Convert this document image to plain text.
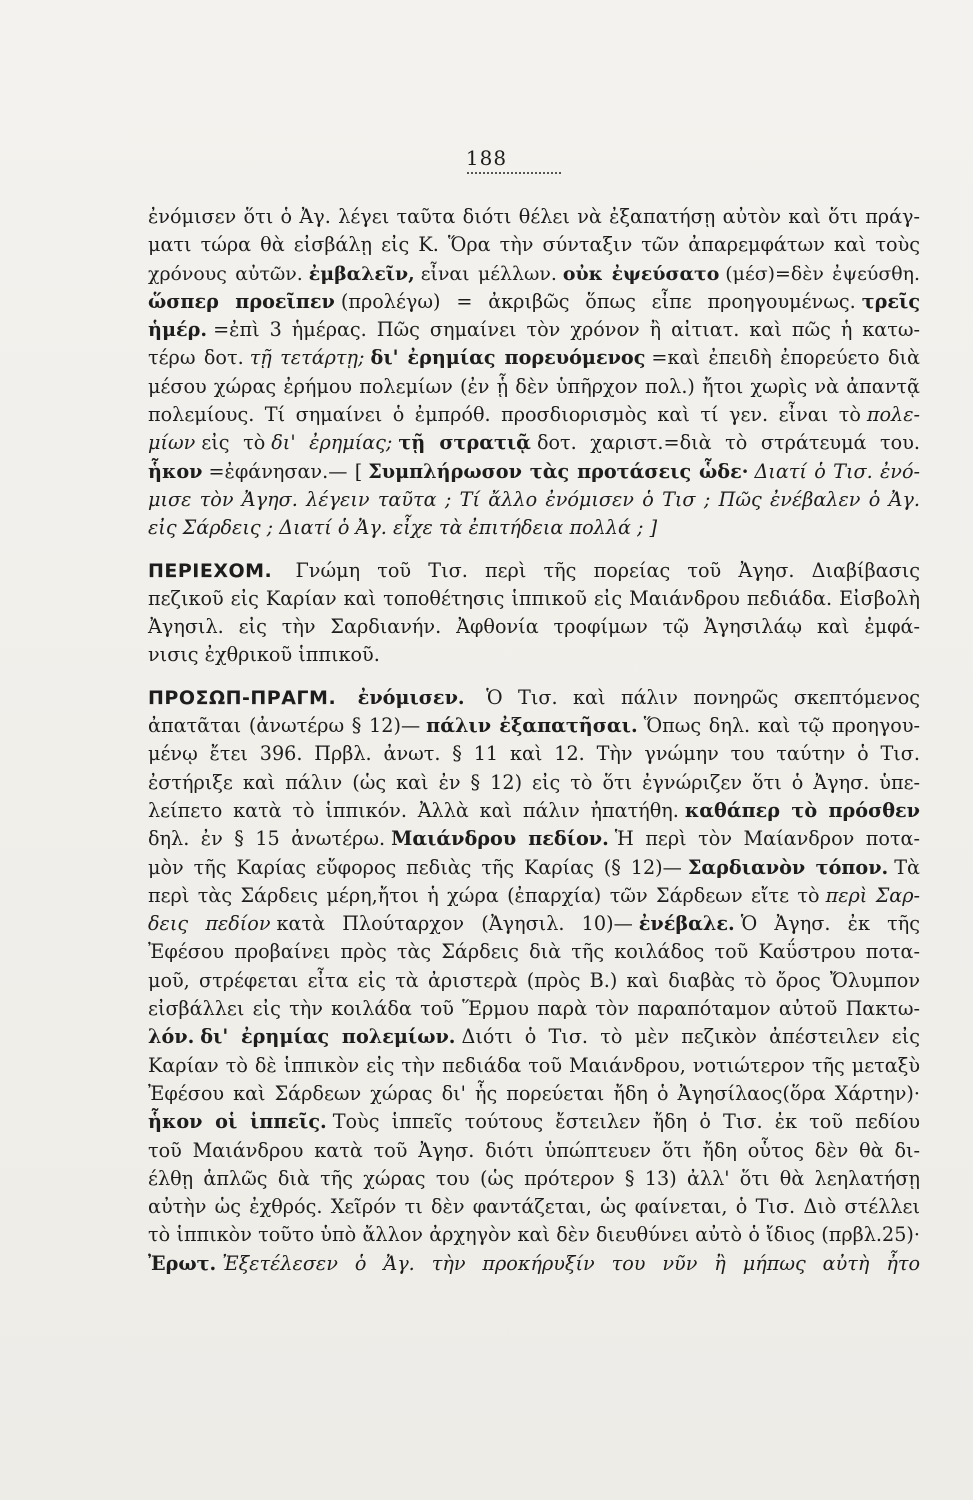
188
ἐνόμισεν ὅτι ὁ Ἀγ. λέγει ταῦτα διότι θέλει νὰ ἐξαπατήσῃ αὐτὸν καὶ ὅτι πράγ-
ματι τώρα θὰ εἰσβάλῃ εἰς Κ. Ὅρα τὴν σύνταξιν τῶν ἀπαρεμφάτων καὶ τοὺς
χρόνους αὐτῶν. ἐμβαλεῖν, εἶναι μέλλων. οὐκ ἐψεύσατο (μέσ)=δὲν ἐψεύσθη.
ὥσπερ προεῖπεν (προλέγω) = ἀκριβῶς ὅπως εἶπε προηγουμένως. τρεῖς
ἡμέρ. =ἐπὶ 3 ἡμέρας. Πῶς σημαίνει τὸν χρόνον ἢ αἰτιατ. καὶ πῶς ἡ κατω-
τέρω δοτ. τῇ τετάρτῃ; δι' ἐρημίας πορευόμενος =καὶ ἐπειδὴ ἐπορεύετο διὰ
μέσου χώρας ἐρήμου πολεμίων (ἐν ᾗ δὲν ὑπῆρχον πολ.) ἤτοι χωρὶς νὰ ἀπαντᾷ
πολεμίους. Τί σημαίνει ὁ ἐμπρόθ. προσδιορισμὸς καὶ τί γεν. εἶναι τὸ πολε-
μίων εἰς τὸ δι' ἐρημίας; τῇ στρατιᾷ δοτ. χαριστ.=διὰ τὸ στράτευμά του.
ἧκον =ἐφάνησαν.— [ Συμπλήρωσον τὰς προτάσεις ὧδε· Διατί ὁ Τισ. ἐνό-
μισε τὸν Ἀγησ. λέγειν ταῦτα ; Τί ἄλλο ἐνόμισεν ὁ Τισ ; Πῶς ἐνέβαλεν ὁ Ἀγ.
εἰς Σάρδεις ; Διατί ὁ Ἀγ. εἶχε τὰ ἐπιτήδεια πολλά ; ]
ΠΕΡΙΕΧΟΜ. Γνώμη τοῦ Τισ. περὶ τῆς πορείας τοῦ Ἀγησ. Διαβίβασις
πεζικοῦ εἰς Καρίαν καὶ τοποθέτησις ἱππικοῦ εἰς Μαιάνδρου πεδιάδα. Εἰσβολὴ
Ἀγησιλ. εἰς τὴν Σαρδιανήν. Ἀφθονία τροφίμων τῷ Ἀγησιλάῳ καὶ ἐμφά-
νισις ἐχθρικοῦ ἱππικοῦ.
ΠΡΟΣΩΠ-ΠΡΑΓΜ. ἐνόμισεν. Ὁ Τισ. καὶ πάλιν πονηρῶς σκεπτόμενος
ἀπατᾶται (ἀνωτέρω § 12)— πάλιν ἐξαπατῆσαι. Ὅπως δηλ. καὶ τῷ προηγου-
μένῳ ἔτει 396. Πρβλ. ἀνωτ. § 11 καὶ 12. Τὴν γνώμην του ταύτην ὁ Τισ.
ἐστήριξε καὶ πάλιν (ὡς καὶ ἐν § 12) εἰς τὸ ὅτι ἐγνώριζεν ὅτι ὁ Ἀγησ. ὑπε-
λείπετο κατὰ τὸ ἱππικόν. Ἀλλὰ καὶ πάλιν ἠπατήθη. καθάπερ τὸ πρόσθεν
δηλ. ἐν § 15 ἀνωτέρω. Μαιάνδρου πεδίον. Ἡ περὶ τὸν Μαίανδρον ποτα-
μὸν τῆς Καρίας εὔφορος πεδιὰς τῆς Καρίας (§ 12)— Σαρδιανὸν τόπον. Τὰ
περὶ τὰς Σάρδεις μέρη,ἤτοι ἡ χώρα (ἐπαρχία) τῶν Σάρδεων εἴτε τὸ περὶ Σαρ-
δεις πεδίον κατὰ Πλούταρχον (Ἀγησιλ. 10)— ἐνέβαλε. Ὁ Ἀγησ. ἐκ τῆς
Ἐφέσου προβαίνει πρὸς τὰς Σάρδεις διὰ τῆς κοιλάδος τοῦ Καΰστρου ποτα-
μοῦ, στρέφεται εἶτα εἰς τὰ ἀριστερὰ (πρὸς Β.) καὶ διαβὰς τὸ ὄρος Ὄλυμπον
εἰσβάλλει εἰς τὴν κοιλάδα τοῦ Ἕρμου παρὰ τὸν παραπόταμον αὐτοῦ Πακτω-
λόν. δι' ἐρημίας πολεμίων. Διότι ὁ Τισ. τὸ μὲν πεζικὸν ἀπέστειλεν εἰς
Καρίαν τὸ δὲ ἱππικὸν εἰς τὴν πεδιάδα τοῦ Μαιάνδρου, νοτιώτερον τῆς μεταξὺ
Ἐφέσου καὶ Σάρδεων χώρας δι' ἧς πορεύεται ἤδη ὁ Ἀγησίλαος(ὅρα Χάρτην)·
ἧκον οἱ ἱππεῖς. Τοὺς ἱππεῖς τούτους ἔστειλεν ἤδη ὁ Τισ. ἐκ τοῦ πεδίου
τοῦ Μαιάνδρου κατὰ τοῦ Ἀγησ. διότι ὑπώπτευεν ὅτι ἤδη οὗτος δὲν θὰ δι-
έλθῃ ἁπλῶς διὰ τῆς χώρας του (ὡς πρότερον § 13) ἀλλ' ὅτι θὰ λεηλατήσῃ
αὐτὴν ὡς ἐχθρός. Χεῖρόν τι δὲν φαντάζεται, ὡς φαίνεται, ὁ Τισ. Διὸ στέλλει
τὸ ἱππικὸν τοῦτο ὑπὸ ἄλλον ἀρχηγὸν καὶ δὲν διευθύνει αὐτὸ ὁ ἴδιος (πρβλ.25)·
Ἐρωτ. Ἐξετέλεσεν ὁ Ἀγ. τὴν προκήρυξίν του νῦν ἢ μήπως αὐτὴ ἦτο
